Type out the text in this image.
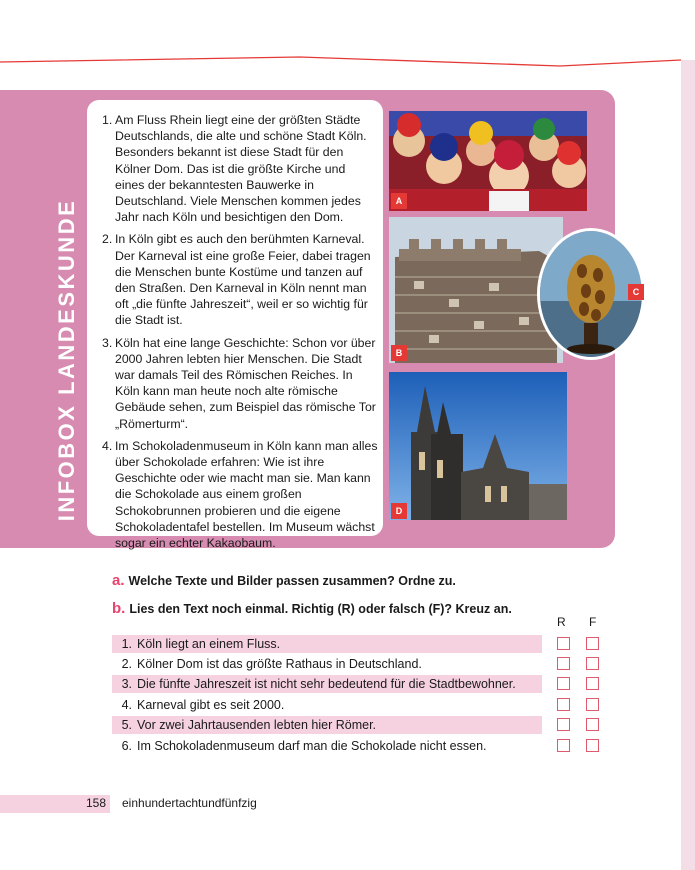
INFOBOX LANDESKUNDE
1. Am Fluss Rhein liegt eine der größten Städte Deutschlands, die alte und schöne Stadt Köln. Besonders bekannt ist diese Stadt für den Kölner Dom. Das ist die größte Kirche und eines der bekanntesten Bauwerke in Deutschland. Viele Menschen kommen jedes Jahr nach Köln und besichtigen den Dom.
2. In Köln gibt es auch den berühmten Karneval. Der Karneval ist eine große Feier, dabei tragen die Menschen bunte Kostüme und tanzen auf den Straßen. Den Karneval in Köln nennt man oft „die fünfte Jahreszeit“, weil er so wichtig für die Stadt ist.
3. Köln hat eine lange Geschichte: Schon vor über 2000 Jahren lebten hier Menschen. Die Stadt war damals Teil des Römischen Reiches. In Köln kann man heute noch alte römische Gebäude sehen, zum Beispiel das römische Tor „Römerturm“.
4. Im Schokoladenmuseum in Köln kann man alles über Schokolade erfahren: Wie ist ihre Geschichte oder wie macht man sie. Man kann die Schokolade aus einem großen Schokobrunnen probieren und die eigene Schokoladentafel bestellen. Im Museum wächst sogar ein echter Kakaobaum.
A
B
C
D
a. Welche Texte und Bilder passen zusammen? Ordne zu.
b. Lies den Text noch einmal. Richtig (R) oder falsch (F)? Kreuz an.
R F
1. Köln liegt an einem Fluss.
2. Kölner Dom ist das größte Rathaus in Deutschland.
3. Die fünfte Jahreszeit ist nicht sehr bedeutend für die Stadtbewohner.
4. Karneval gibt es seit 2000.
5. Vor zwei Jahrtausenden lebten hier Römer.
6. Im Schokoladenmuseum darf man die Schokolade nicht essen.
158 einhundertachtundfünfzig
